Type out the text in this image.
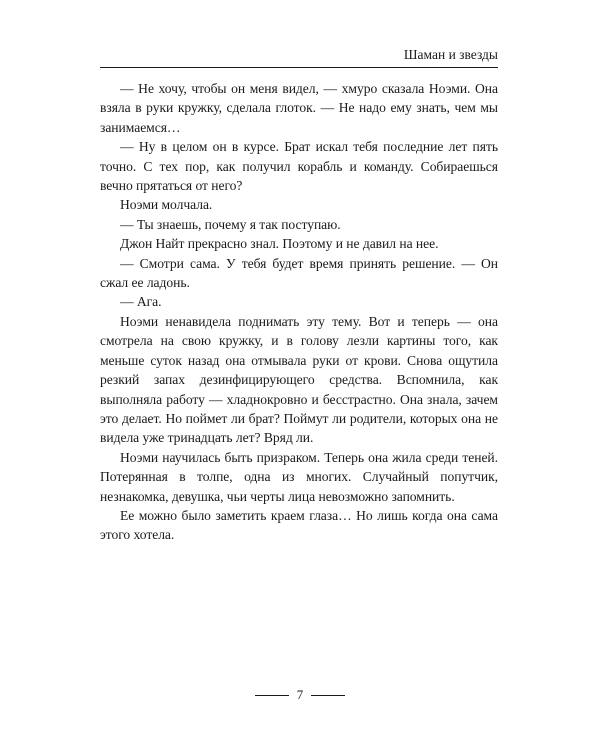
Шаман и звезды

— Не хочу, чтобы он меня видел, — хмуро сказала Ноэми. Она взяла в руки кружку, сделала глоток. — Не надо ему знать, чем мы занимаемся…

— Ну в целом он в курсе. Брат искал тебя последние лет пять точно. С тех пор, как получил корабль и команду. Собираешься вечно прятаться от него?

Ноэми молчала.

— Ты знаешь, почему я так поступаю.

Джон Найт прекрасно знал. Поэтому и не давил на нее.

— Смотри сама. У тебя будет время принять решение. — Он сжал ее ладонь.

— Ага.

Ноэми ненавидела поднимать эту тему. Вот и теперь — она смотрела на свою кружку, и в голову лезли картины того, как меньше суток назад она отмывала руки от крови. Снова ощутила резкий запах дезинфицирующего средства. Вспомнила, как выполняла работу — хладнокровно и бесстрастно. Она знала, зачем это делает. Но поймет ли брат? Поймут ли родители, которых она не видела уже тринадцать лет? Вряд ли.

Ноэми научилась быть призраком. Теперь она жила среди теней. Потерянная в толпе, одна из многих. Случайный попутчик, незнакомка, девушка, чьи черты лица невозможно запомнить.

Ее можно было заметить краем глаза… Но лишь когда она сама этого хотела.

7
